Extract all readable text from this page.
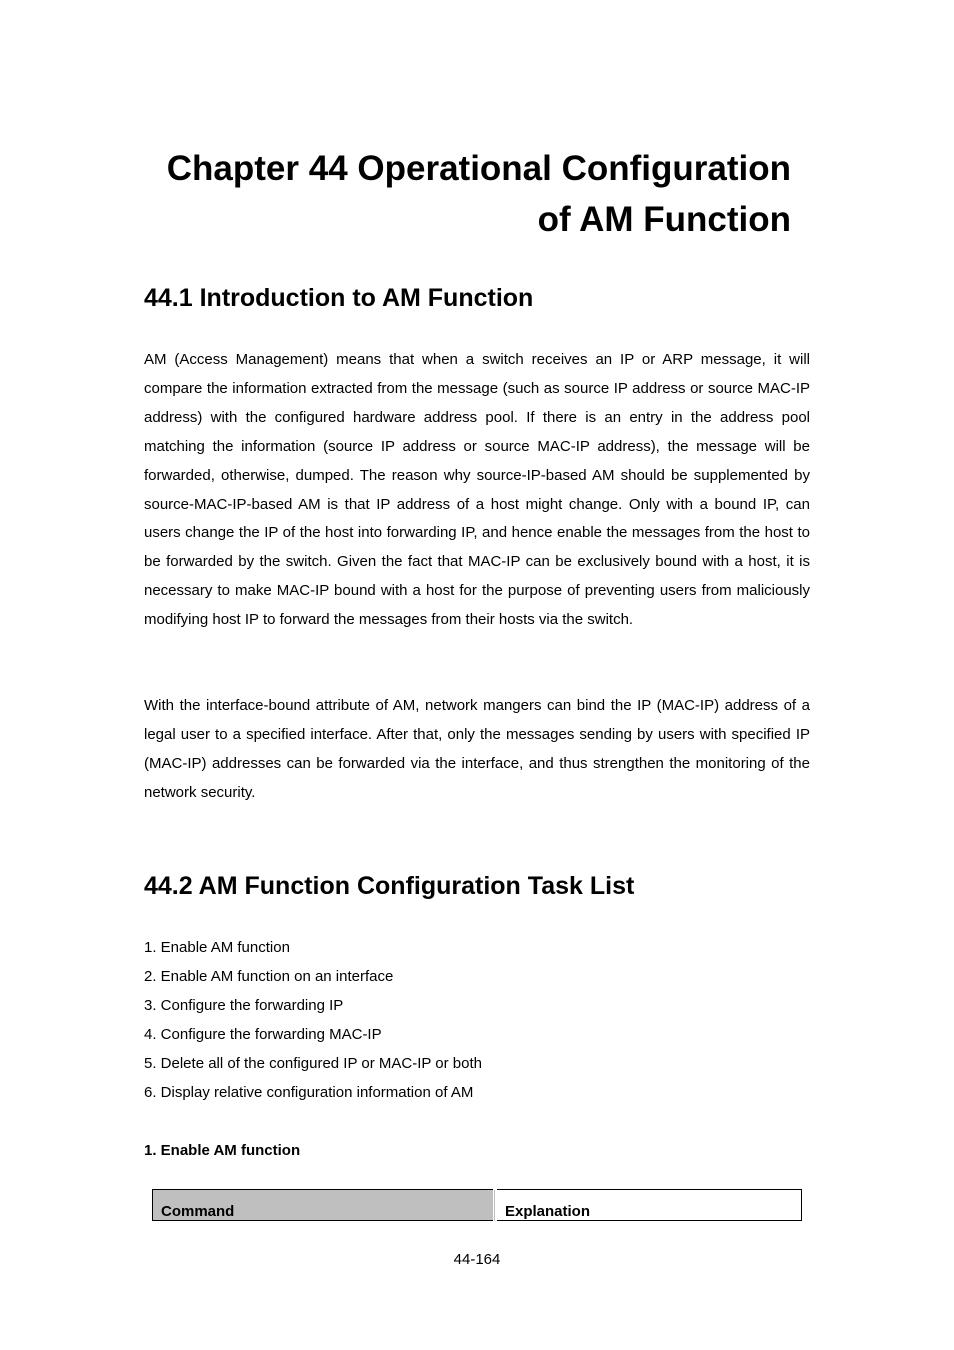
Chapter 44 Operational Configuration
of AM Function
44.1 Introduction to AM Function

AM (Access Management) means that when a switch receives an IP or ARP message, it will compare the information extracted from the message (such as source IP address or source MAC-IP address) with the configured hardware address pool. If there is an entry in the address pool matching the information (source IP address or source MAC-IP address), the message will be forwarded, otherwise, dumped. The reason why source-IP-based AM should be supplemented by source-MAC-IP-based AM is that IP address of a host might change. Only with a bound IP, can users change the IP of the host into forwarding IP, and hence enable the messages from the host to be forwarded by the switch. Given the fact that MAC-IP can be exclusively bound with a host, it is necessary to make MAC-IP bound with a host for the purpose of preventing users from maliciously modifying host IP to forward the messages from their hosts via the switch.

With the interface-bound attribute of AM, network mangers can bind the IP (MAC-IP) address of a legal user to a specified interface. After that, only the messages sending by users with specified IP (MAC-IP) addresses can be forwarded via the interface, and thus strengthen the monitoring of the network security.

44.2 AM Function Configuration Task List
1. Enable AM function
2. Enable AM function on an interface
3. Configure the forwarding IP
4. Configure the forwarding MAC-IP
5. Delete all of the configured IP or MAC-IP or both
6. Display relative configuration information of AM
1. Enable AM function
Command	Explanation

44-164
